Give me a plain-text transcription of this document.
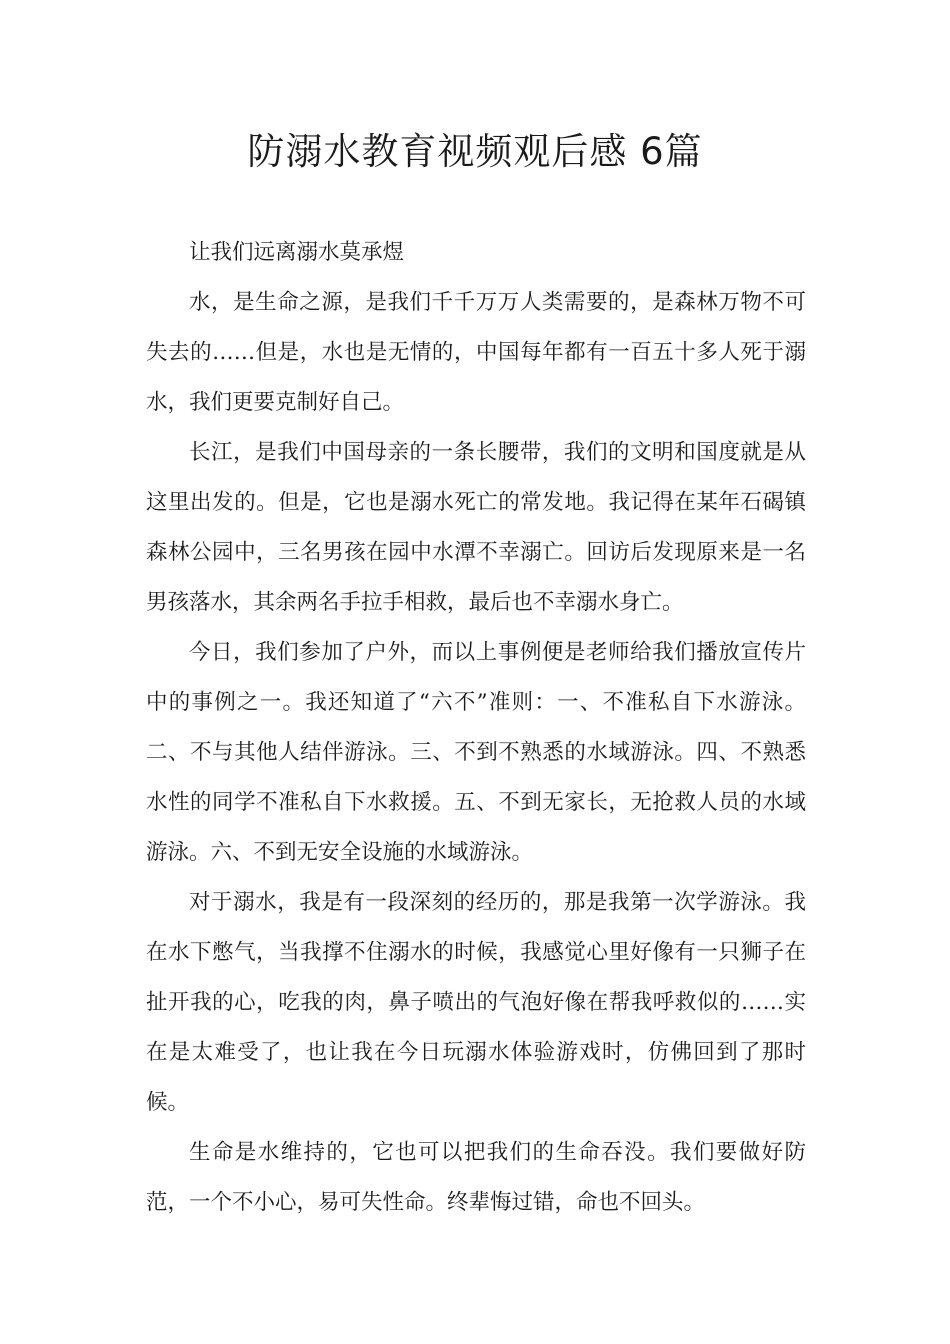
防溺水教育视频观后感 6篇

让我们远离溺水莫承煜

水，是生命之源，是我们千千万万人类需要的，是森林万物不可失去的……但是，水也是无情的，中国每年都有一百五十多人死于溺水，我们更要克制好自己。

长江，是我们中国母亲的一条长腰带，我们的文明和国度就是从这里出发的。但是，它也是溺水死亡的常发地。我记得在某年石碣镇森林公园中，三名男孩在园中水潭不幸溺亡。回访后发现原来是一名男孩落水，其余两名手拉手相救，最后也不幸溺水身亡。

今日，我们参加了户外，而以上事例便是老师给我们播放宣传片中的事例之一。我还知道了“六不”准则：一、不准私自下水游泳。二、不与其他人结伴游泳。三、不到不熟悉的水域游泳。四、不熟悉水性的同学不准私自下水救援。五、不到无家长，无抢救人员的水域游泳。六、不到无安全设施的水域游泳。

对于溺水，我是有一段深刻的经历的，那是我第一次学游泳。我在水下憋气，当我撑不住溺水的时候，我感觉心里好像有一只狮子在扯开我的心，吃我的肉，鼻子喷出的气泡好像在帮我呼救似的……实在是太难受了，也让我在今日玩溺水体验游戏时，仿佛回到了那时候。

生命是水维持的，它也可以把我们的生命吞没。我们要做好防范，一个不小心，易可失性命。终辈悔过错，命也不回头。
